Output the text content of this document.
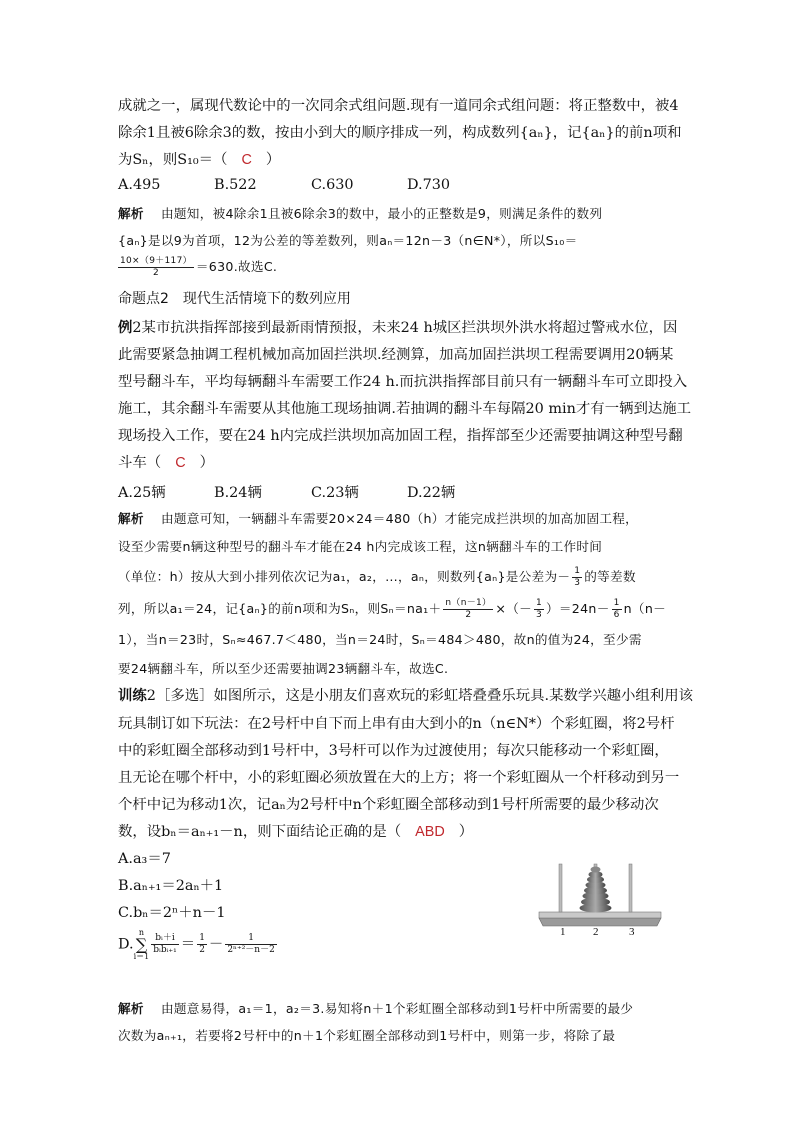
成就之一，属现代数论中的一次同余式组问题.现有一道同余式组问题：将正整数中，被4
除余1且被6除余3的数，按由小到大的顺序排成一列，构成数列{aₙ}，记{aₙ}的前n项和
为Sₙ，则S₁₀＝（ C ）
A.495	B.522	C.630	D.730
解析 由题知，被4除余1且被6除余3的数中，最小的正整数是9，则满足条件的数列
{aₙ}是以9为首项，12为公差的等差数列，则aₙ＝12n－3（n∈N*），所以S₁₀＝
$\frac{10\times(9+117)}{2} =630$.故选C.
命题点2　现代生活情境下的数列应用
例2某市抗洪指挥部接到最新雨情预报，未来24 h城区拦洪坝外洪水将超过警戒水位，因
此需要紧急抽调工程机械加高加固拦洪坝.经测算，加高加固拦洪坝工程需要调用20辆某
型号翻斗车，平均每辆翻斗车需要工作24 h.而抗洪指挥部目前只有一辆翻斗车可立即投入
施工，其余翻斗车需要从其他施工现场抽调.若抽调的翻斗车每隔20 min才有一辆到达施工
现场投入工作，要在24 h内完成拦洪坝加高加固工程，指挥部至少还需要抽调这种型号翻
斗车（ C ）
A.25辆	B.24辆	C.23辆	D.22辆
解析 由题意可知，一辆翻斗车需要20×24＝480（h）才能完成拦洪坝的加高加固工程，
设至少需要n辆这种型号的翻斗车才能在24 h内完成该工程，这n辆翻斗车的工作时间
（单位：h）按从大到小排列依次记为a₁，a₂，…，aₙ，则数列{aₙ}是公差为－ $\frac{1}{3}$ 的等差数
列，所以a₁＝24，记{aₙ}的前n项和为Sₙ，则$S_n=na_1+ \frac{n(n-1)}{2}$ ×（－ $\frac{1}{3} )=24n- \frac{1}{6} n(n-$
1），当n＝23时，Sₙ≈467.7＜480，当n＝24时，Sₙ＝484＞480，故n的值为24，至少需
要24辆翻斗车，所以至少还需要抽调23辆翻斗车，故选C.
训练2［多选］如图所示，这是小朋友们喜欢玩的彩虹塔叠叠乐玩具.某数学兴趣小组利用该
玩具制订如下玩法：在2号杆中自下而上串有由大到小的n（n∈N*）个彩虹圈，将2号杆
中的彩虹圈全部移动到1号杆中，3号杆可以作为过渡使用；每次只能移动一个彩虹圈，
且无论在哪个杆中，小的彩虹圈必须放置在大的上方；将一个彩虹圈从一个杆移动到另一
个杆中记为移动1次，记aₙ为2号杆中n个彩虹圈全部移动到1号杆所需要的最少移动次
数，设bₙ＝aₙ₊₁－n，则下面结论正确的是（ ABD ）
A.a₃＝7
B.aₙ₊₁＝2aₙ＋1
C.bₙ＝2ⁿ＋n－1
D.n
∑
i＝1
$\frac{\text{bᵢ＋i}}{\text{bᵢbᵢ₊₁}} = \frac{1}{2} - \frac{1}{\text{2ⁿ⁺²－n－2}}$
1	2	3
解析 由题意易得，a₁＝1，a₂＝3.易知将n＋1个彩虹圈全部移动到1号杆中所需要的最少
次数为aₙ₊₁，若要将2号杆中的n＋1个彩虹圈全部移动到1号杆中，则第一步，将除了最
